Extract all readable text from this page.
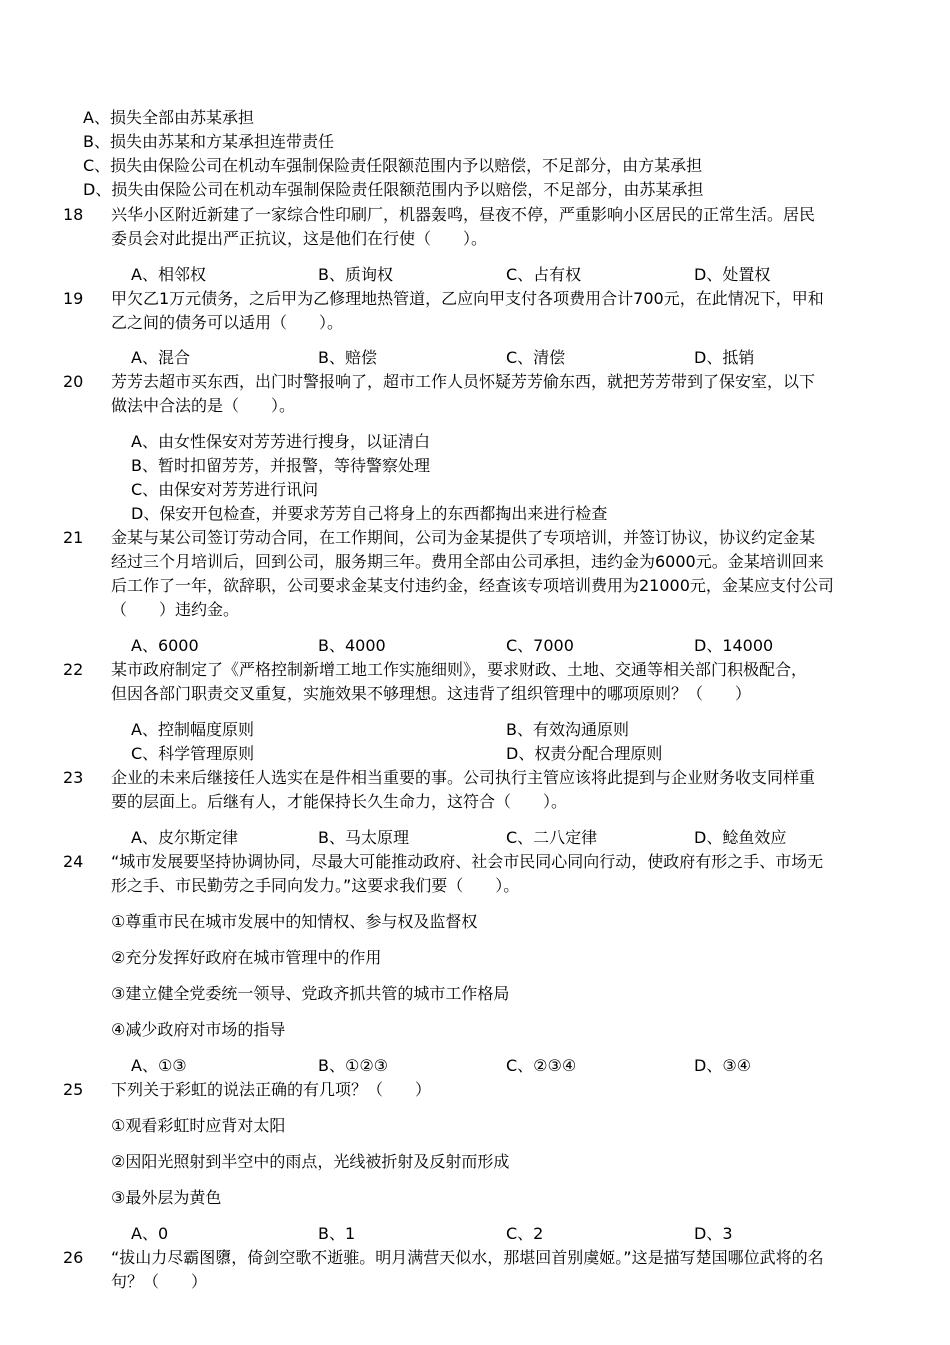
A、损失全部由苏某承担
B、损失由苏某和方某承担连带责任
C、损失由保险公司在机动车强制保险责任限额范围内予以赔偿，不足部分，由方某承担
D、损失由保险公司在机动车强制保险责任限额范围内予以赔偿，不足部分，由苏某承担
18 兴华小区附近新建了一家综合性印刷厂，机器轰鸣，昼夜不停，严重影响小区居民的正常生活。居民
委员会对此提出严正抗议，这是他们在行使（　　）。
A、相邻权	B、质询权	C、占有权	D、处置权
19 甲欠乙1万元债务，之后甲为乙修理地热管道，乙应向甲支付各项费用合计700元，在此情况下，甲和
乙之间的债务可以适用（　　）。
A、混合	B、赔偿	C、清偿	D、抵销
20 芳芳去超市买东西，出门时警报响了，超市工作人员怀疑芳芳偷东西，就把芳芳带到了保安室，以下
做法中合法的是（　　）。
A、由女性保安对芳芳进行搜身，以证清白
B、暂时扣留芳芳，并报警，等待警察处理
C、由保安对芳芳进行讯问
D、保安开包检查，并要求芳芳自己将身上的东西都掏出来进行检查
21 金某与某公司签订劳动合同，在工作期间，公司为金某提供了专项培训，并签订协议，协议约定金某
经过三个月培训后，回到公司，服务期三年。费用全部由公司承担，违约金为6000元。金某培训回来
后工作了一年，欲辞职，公司要求金某支付违约金，经查该专项培训费用为21000元，金某应支付公司
（　　）违约金。
A、6000	B、4000	C、7000	D、14000
22 某市政府制定了《严格控制新增工地工作实施细则》，要求财政、土地、交通等相关部门积极配合，
但因各部门职责交叉重复，实施效果不够理想。这违背了组织管理中的哪项原则？（　　）
A、控制幅度原则	B、有效沟通原则
C、科学管理原则	D、权责分配合理原则
23 企业的未来后继接任人选实在是件相当重要的事。公司执行主管应该将此提到与企业财务收支同样重
要的层面上。后继有人，才能保持长久生命力，这符合（　　）。
A、皮尔斯定律	B、马太原理	C、二八定律	D、鲶鱼效应
24 “城市发展要坚持协调协同，尽最大可能推动政府、社会市民同心同向行动，使政府有形之手、市场无
形之手、市民勤劳之手同向发力。”这要求我们要（　　）。
①尊重市民在城市发展中的知情权、参与权及监督权
②充分发挥好政府在城市管理中的作用
③建立健全党委统一领导、党政齐抓共管的城市工作格局
④减少政府对市场的指导
A、①③	B、①②③	C、②③④	D、③④
25 下列关于彩虹的说法正确的有几项？（　　）
①观看彩虹时应背对太阳
②因阳光照射到半空中的雨点，光线被折射及反射而形成
③最外层为黄色
A、0	B、1	C、2	D、3
26 “拔山力尽霸图隳，倚剑空歌不逝骓。明月满营天似水，那堪回首别虞姬。”这是描写楚国哪位武将的名
句？（　　）
